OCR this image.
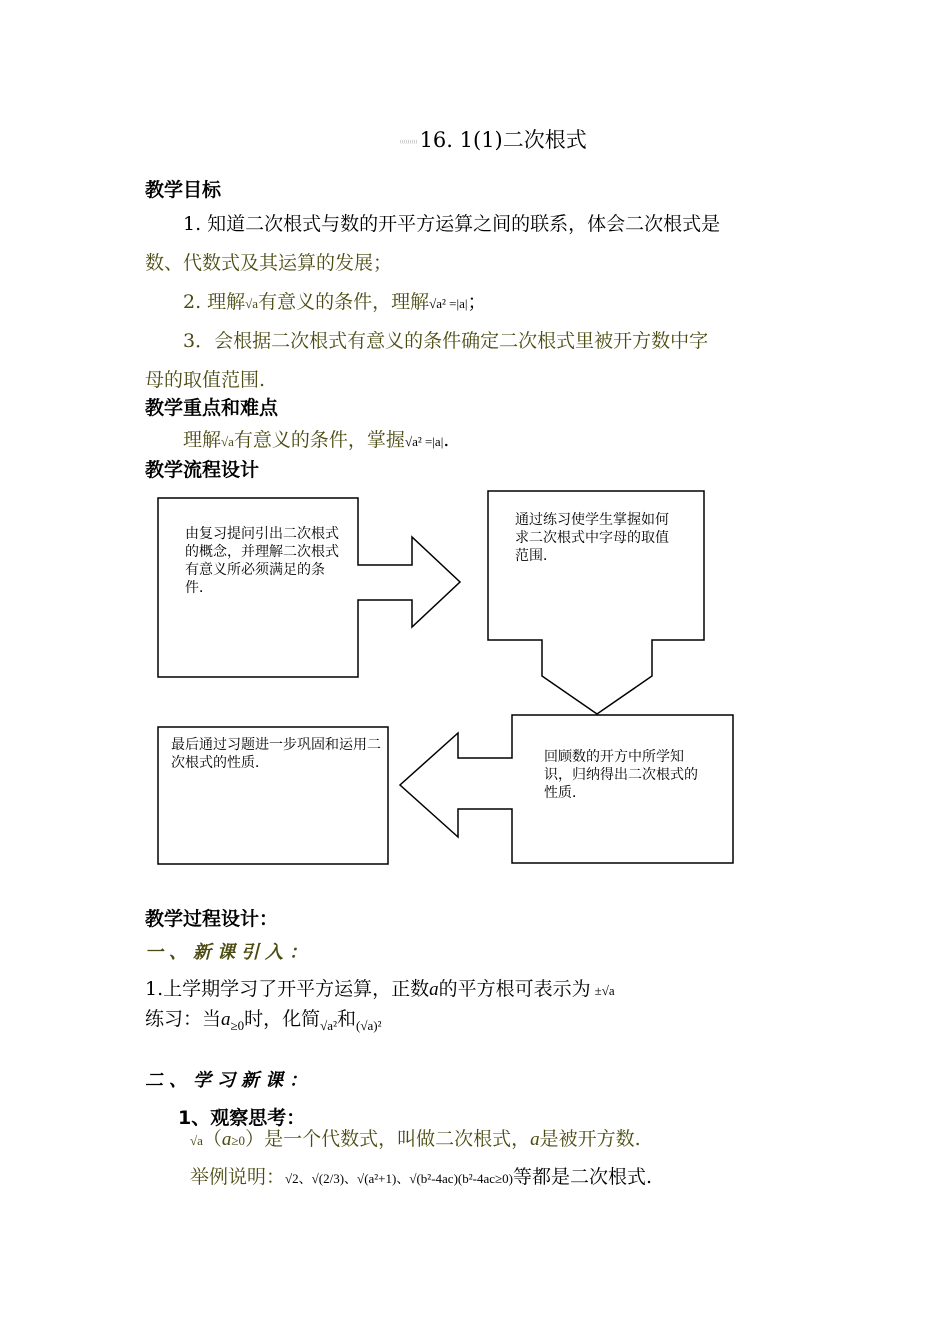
(((((((((16. 1(1)二次根式
教学目标
1. 知道二次根式与数的开平方运算之间的联系，体会二次根式是
数、代数式及其运算的发展；
2. 理解√a有意义的条件，理解√a² =|a|；
3．会根据二次根式有意义的条件确定二次根式里被开方数中字
母的取值范围.
教学重点和难点
理解√a有意义的条件，掌握√a² =|a|.
教学流程设计
由复习提问引出二次根式的概念，并理解二次根式有意义所必须满足的条件．
通过练习使学生掌握如何求二次根式中字母的取值范围．
回顾数的开方中所学知识，归纳得出二次根式的性质．
最后通过习题进一步巩固和运用二次根式的性质．
教学过程设计：
一、新课引入：
1.上学期学习了开平方运算，正数a的平方根可表示为 ±√a
练习：当$a_{\ge 0}$时，化简$_{√a^2}$和$_{(√a)^2}$
二、学习新课：
1、观察思考：
√a（a≥0）是一个代数式，叫做二次根式，a是被开方数.
举例说明：√2、√(2/3)、√(a²+1)、√(b²-4ac)(b²-4ac≥0)等都是二次根式.
